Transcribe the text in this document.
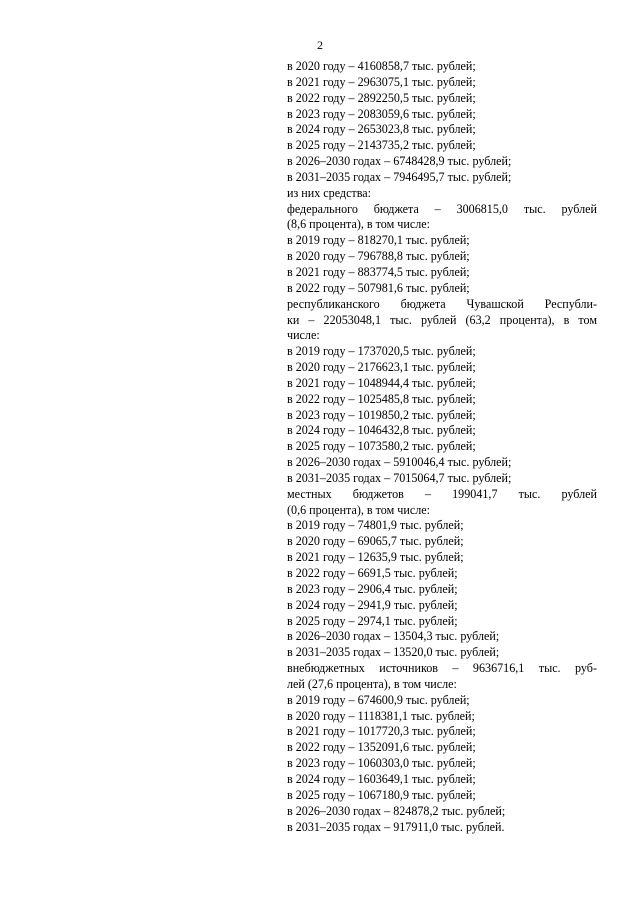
2
в 2020 году – 4160858,7 тыс. рублей;
в 2021 году – 2963075,1 тыс. рублей;
в 2022 году – 2892250,5 тыс. рублей;
в 2023 году – 2083059,6 тыс. рублей;
в 2024 году – 2653023,8 тыс. рублей;
в 2025 году – 2143735,2 тыс. рублей;
в 2026–2030 годах – 6748428,9 тыс. рублей;
в 2031–2035 годах – 7946495,7 тыс. рублей;
из них средства:
федерального бюджета – 3006815,0 тыс. рублей
(8,6 процента), в том числе:
в 2019 году – 818270,1 тыс. рублей;
в 2020 году – 796788,8 тыс. рублей;
в 2021 году – 883774,5 тыс. рублей;
в 2022 году – 507981,6 тыс. рублей;
республиканского бюджета Чувашской Республи-
ки – 22053048,1 тыс. рублей (63,2 процента), в том
числе:
в 2019 году – 1737020,5 тыс. рублей;
в 2020 году – 2176623,1 тыс. рублей;
в 2021 году – 1048944,4 тыс. рублей;
в 2022 году – 1025485,8 тыс. рублей;
в 2023 году – 1019850,2 тыс. рублей;
в 2024 году – 1046432,8 тыс. рублей;
в 2025 году – 1073580,2 тыс. рублей;
в 2026–2030 годах – 5910046,4 тыс. рублей;
в 2031–2035 годах – 7015064,7 тыс. рублей;
местных бюджетов – 199041,7 тыс. рублей
(0,6 процента), в том числе:
в 2019 году – 74801,9 тыс. рублей;
в 2020 году – 69065,7 тыс. рублей;
в 2021 году – 12635,9 тыс. рублей;
в 2022 году – 6691,5 тыс. рублей;
в 2023 году – 2906,4 тыс. рублей;
в 2024 году – 2941,9 тыс. рублей;
в 2025 году – 2974,1 тыс. рублей;
в 2026–2030 годах – 13504,3 тыс. рублей;
в 2031–2035 годах – 13520,0 тыс. рублей;
внебюджетных источников – 9636716,1 тыс. руб-
лей (27,6 процента), в том числе:
в 2019 году – 674600,9 тыс. рублей;
в 2020 году – 1118381,1 тыс. рублей;
в 2021 году – 1017720,3 тыс. рублей;
в 2022 году – 1352091,6 тыс. рублей;
в 2023 году – 1060303,0 тыс. рублей;
в 2024 году – 1603649,1 тыс. рублей;
в 2025 году – 1067180,9 тыс. рублей;
в 2026–2030 годах – 824878,2 тыс. рублей;
в 2031–2035 годах – 917911,0 тыс. рублей.
